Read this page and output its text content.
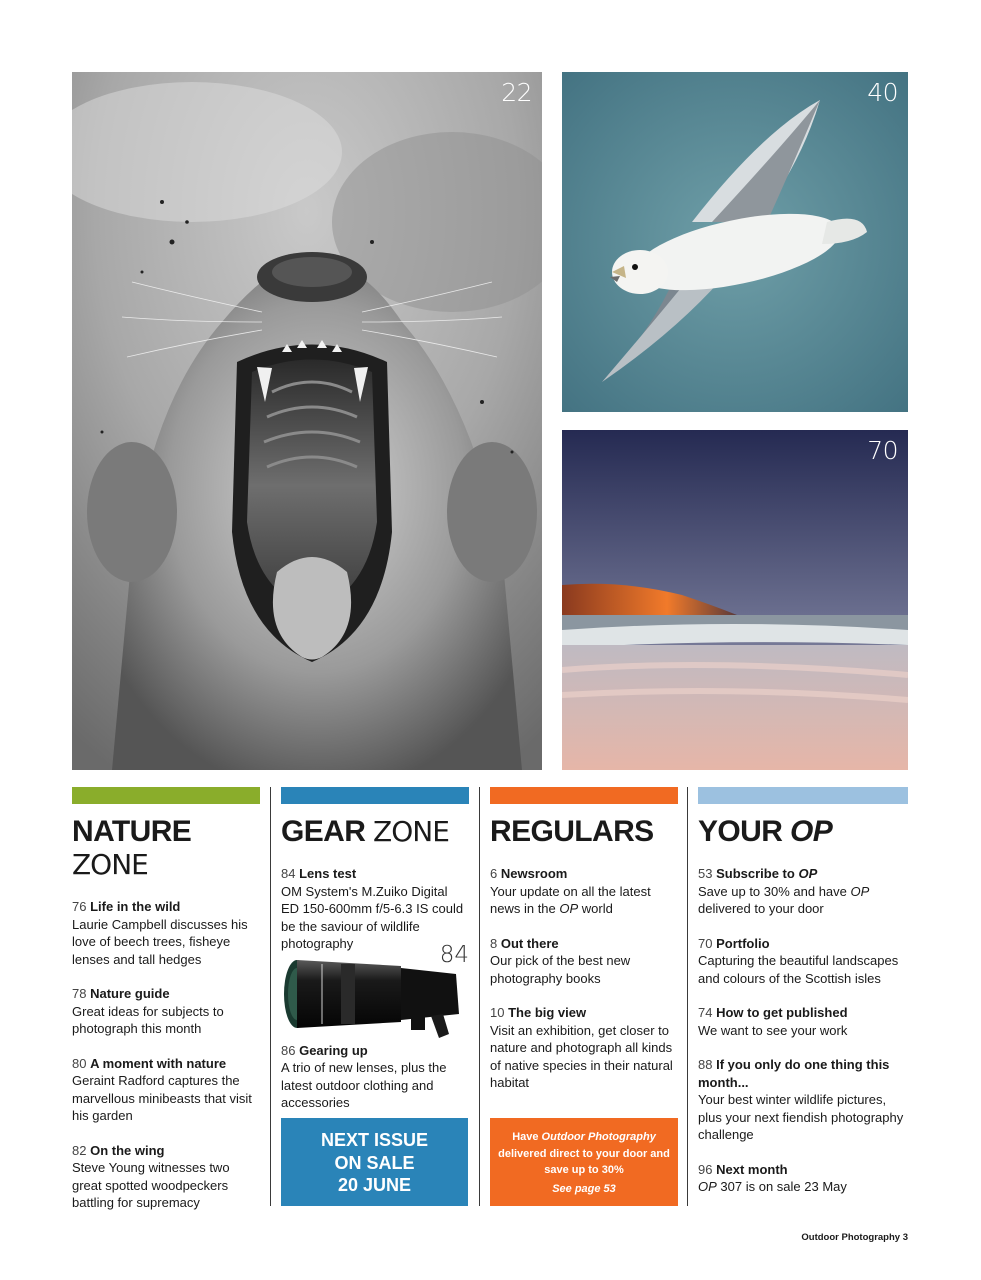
22	40
70
NATURE
ZONE

76 Life in the wild
Laurie Campbell discusses his love of beech trees, fisheye lenses and tall hedges

78 Nature guide
Great ideas for subjects to photograph this month

80 A moment with nature
Geraint Radford captures the marvellous minibeasts that visit his garden

82 On the wing
Steve Young witnesses two great spotted woodpeckers battling for supremacy

GEAR ZONE

84 Lens test
OM System's M.Zuiko Digital ED 150-600mm f/5-6.3 IS could be the saviour of wildlife photography	84

86 Gearing up
A trio of new lenses, plus the latest outdoor clothing and accessories

REGULARS

6 Newsroom
Your update on all the latest news in the OP world

8 Out there
Our pick of the best new photography books

10 The big view
Visit an exhibition, get closer to nature and photograph all kinds of native species in their natural habitat

YOUR OP

53 Subscribe to OP
Save up to 30% and have OP delivered to your door

70 Portfolio
Capturing the beautiful landscapes and colours of the Scottish isles

74 How to get published
We want to see your work

88 If you only do one thing this month...
Your best winter wildlife pictures, plus your next fiendish photography challenge

96 Next month
OP 307 is on sale 23 May

NEXT ISSUE
ON SALE
20 JUNE
Have Outdoor Photography delivered direct to your door and save up to 30%
See page 53
Outdoor Photography 3
